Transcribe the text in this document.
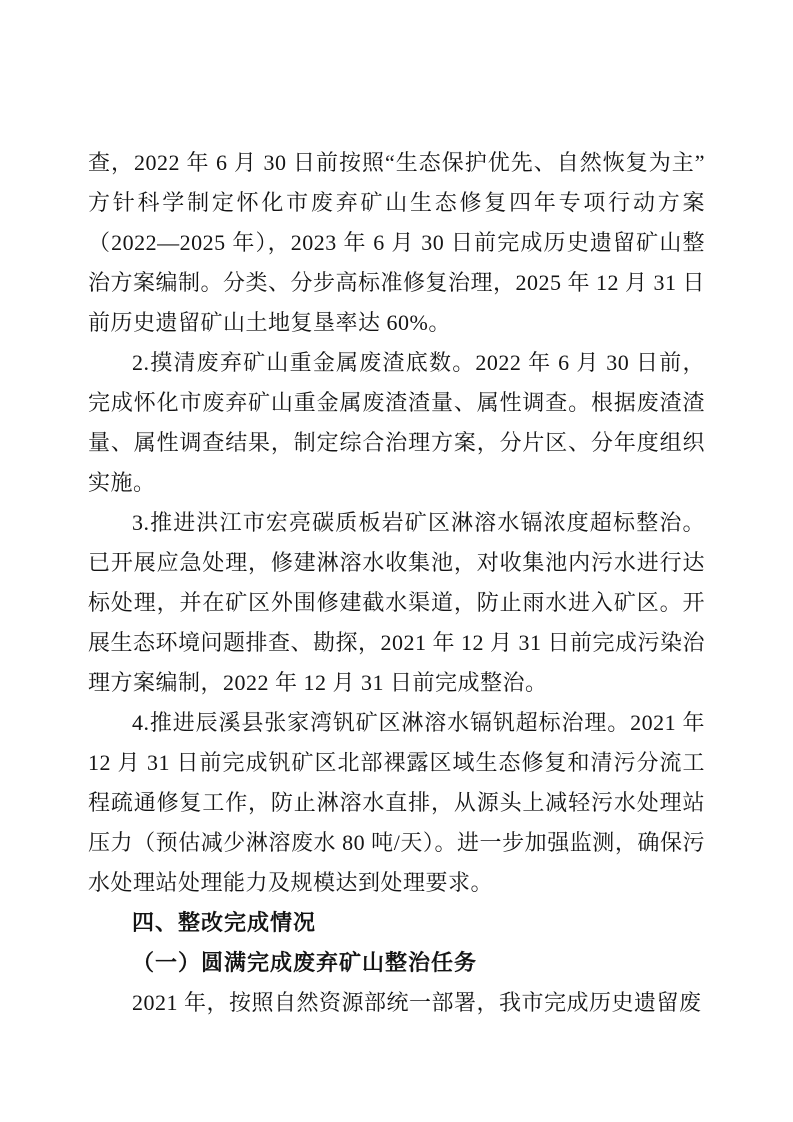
查，2022 年 6 月 30 日前按照“生态保护优先、自然恢复为主”方针科学制定怀化市废弃矿山生态修复四年专项行动方案（2022—2025 年），2023 年 6 月 30 日前完成历史遗留矿山整治方案编制。分类、分步高标准修复治理，2025 年 12 月 31 日前历史遗留矿山土地复垦率达 60%。

2.摸清废弃矿山重金属废渣底数。2022 年 6 月 30 日前，完成怀化市废弃矿山重金属废渣渣量、属性调查。根据废渣渣量、属性调查结果，制定综合治理方案，分片区、分年度组织实施。

3.推进洪江市宏亮碳质板岩矿区淋溶水镉浓度超标整治。已开展应急处理，修建淋溶水收集池，对收集池内污水进行达标处理，并在矿区外围修建截水渠道，防止雨水进入矿区。开展生态环境问题排查、勘探，2021 年 12 月 31 日前完成污染治理方案编制，2022 年 12 月 31 日前完成整治。

4.推进辰溪县张家湾钒矿区淋溶水镉钒超标治理。2021 年 12 月 31 日前完成钒矿区北部裸露区域生态修复和清污分流工程疏通修复工作，防止淋溶水直排，从源头上减轻污水处理站压力（预估减少淋溶废水 80 吨/天）。进一步加强监测，确保污水处理站处理能力及规模达到处理要求。

四、整改完成情况
（一）圆满完成废弃矿山整治任务

2021 年，按照自然资源部统一部署，我市完成历史遗留废
